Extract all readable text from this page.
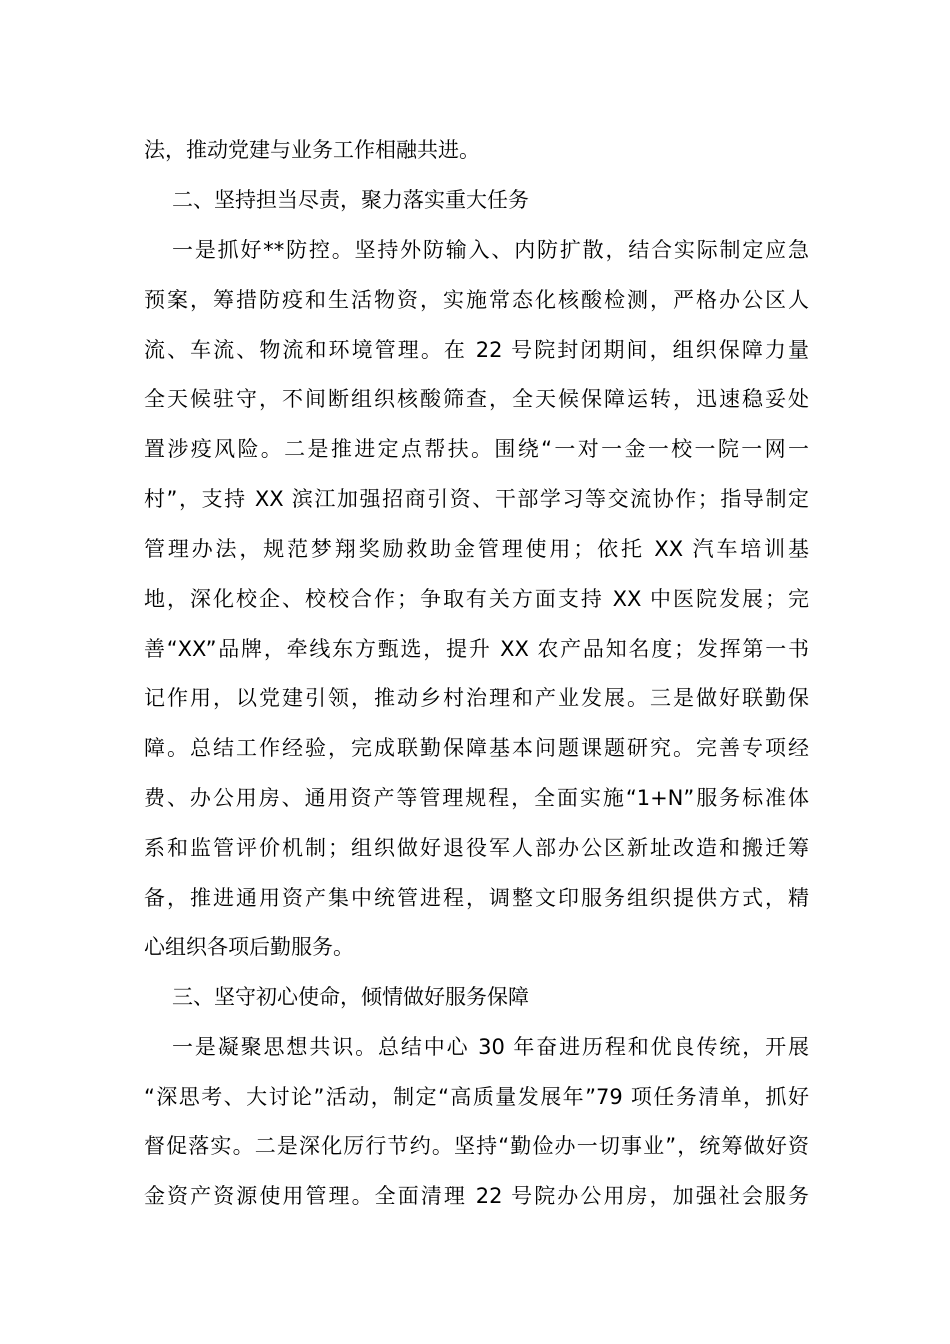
法，推动党建与业务工作相融共进。
二、坚持担当尽责，聚力落实重大任务
一是抓好**防控。坚持外防输入、内防扩散，结合实际制定应急
预案，筹措防疫和生活物资，实施常态化核酸检测，严格办公区人
流、车流、物流和环境管理。在 22 号院封闭期间，组织保障力量
全天候驻守，不间断组织核酸筛查，全天候保障运转，迅速稳妥处
置涉疫风险。二是推进定点帮扶。围绕“一对一金一校一院一网一
村”，支持 XX 滨江加强招商引资、干部学习等交流协作；指导制定
管理办法，规范梦翔奖励救助金管理使用；依托 XX 汽车培训基
地，深化校企、校校合作；争取有关方面支持 XX 中医院发展；完
善“XX”品牌，牵线东方甄选，提升 XX 农产品知名度；发挥第一书
记作用，以党建引领，推动乡村治理和产业发展。三是做好联勤保
障。总结工作经验，完成联勤保障基本问题课题研究。完善专项经
费、办公用房、通用资产等管理规程，全面实施“1+N”服务标准体
系和监管评价机制；组织做好退役军人部办公区新址改造和搬迁筹
备，推进通用资产集中统管进程，调整文印服务组织提供方式，精
心组织各项后勤服务。
三、坚守初心使命，倾情做好服务保障
一是凝聚思想共识。总结中心 30 年奋进历程和优良传统，开展
“深思考、大讨论”活动，制定“高质量发展年”79 项任务清单，抓好
督促落实。二是深化厉行节约。坚持“勤俭办一切事业”，统筹做好资
金资产资源使用管理。全面清理 22 号院办公用房，加强社会服务
